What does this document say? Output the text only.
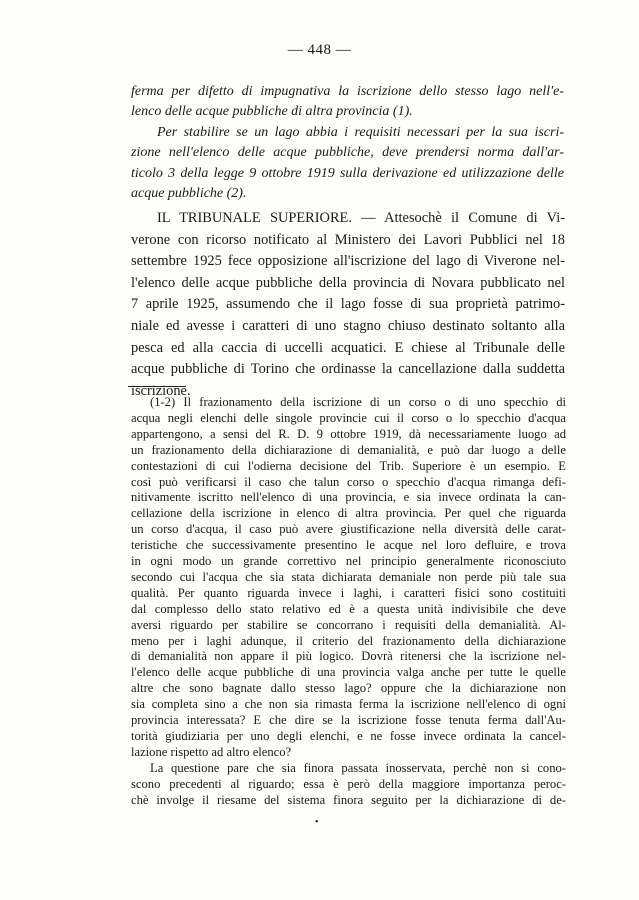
— 448 —
ferma per difetto di impugnativa la iscrizione dello stesso lago nell'e-
lenco delle acque pubbliche di altra provincia (1).
Per stabilire se un lago abbia i requisiti necessari per la sua iscri-
zione nell'elenco delle acque pubbliche, deve prendersi norma dall'ar-
ticolo 3 della legge 9 ottobre 1919 sulla derivazione ed utilizzazione delle
acque pubbliche (2).
IL TRIBUNALE SUPERIORE. — Attesochè il Comune di Vi-
verone con ricorso notificato al Ministero dei Lavori Pubblici nel 18
settembre 1925 fece opposizione all'iscrizione del lago di Viverone nel-
l'elenco delle acque pubbliche della provincia di Novara pubblicato nel
7 aprile 1925, assumendo che il lago fosse di sua proprietà patrimo-
niale ed avesse i caratteri di uno stagno chiuso destinato soltanto alla
pesca ed alla caccia di uccelli acquatici. E chiese al Tribunale delle
acque pubbliche di Torino che ordinasse la cancellazione dalla suddetta
iscrizione.
(1-2) Il frazionamento della iscrizione di un corso o di uno specchio di
acqua negli elenchi delle singole provincie cui il corso o lo specchio d'acqua
appartengono, a sensi del R. D. 9 ottobre 1919, dà necessariamente luogo ad
un frazionamento della dichiarazione di demanialità, e può dar luogo a delle
contestazioni di cui l'odierna decisione del Trib. Superiore è un esempio. E
così può verificarsi il caso che talun corso o specchio d'acqua rimanga defi-
nitivamente iscritto nell'elenco di una provincia, e sia invece ordinata la can-
cellazione della iscrizione in elenco di altra provincia. Per quel che riguarda
un corso d'acqua, il caso può avere giustificazione nella diversità delle carat-
teristiche che successivamente presentino le acque nel loro defluire, e trova
in ogni modo un grande correttivo nel principio generalmente riconosciuto
secondo cui l'acqua che sia stata dichiarata demaniale non perde più tale sua
qualità. Per quanto riguarda invece i laghi, i caratteri fisici sono costituiti
dal complesso dello stato relativo ed è a questa unità indivisibile che deve
aversi riguardo per stabilire se concorrano i requisiti della demanialità. Al-
meno per i laghi adunque, il criterio del frazionamento della dichiarazione
di demanialità non appare il più logico. Dovrà ritenersi che la iscrizione nel-
l'elenco delle acque pubbliche di una provincia valga anche per tutte le quelle
altre che sono bagnate dallo stesso lago? oppure che la dichiarazione non
sia completa sino a che non sia rimasta ferma la iscrizione nell'elenco di ogni
provincia interessata? E che dire se la iscrizione fosse tenuta ferma dall'Au-
torità giudiziaria per uno degli elenchi, e ne fosse invece ordinata la cancel-
lazione rispetto ad altro elenco?
La questione pare che sia finora passata inosservata, perchè non si cono-
scono precedenti al riguardo; essa è però della maggiore importanza peroc-
chè involge il riesame del sistema finora seguito per la dichiarazione di de-
•
